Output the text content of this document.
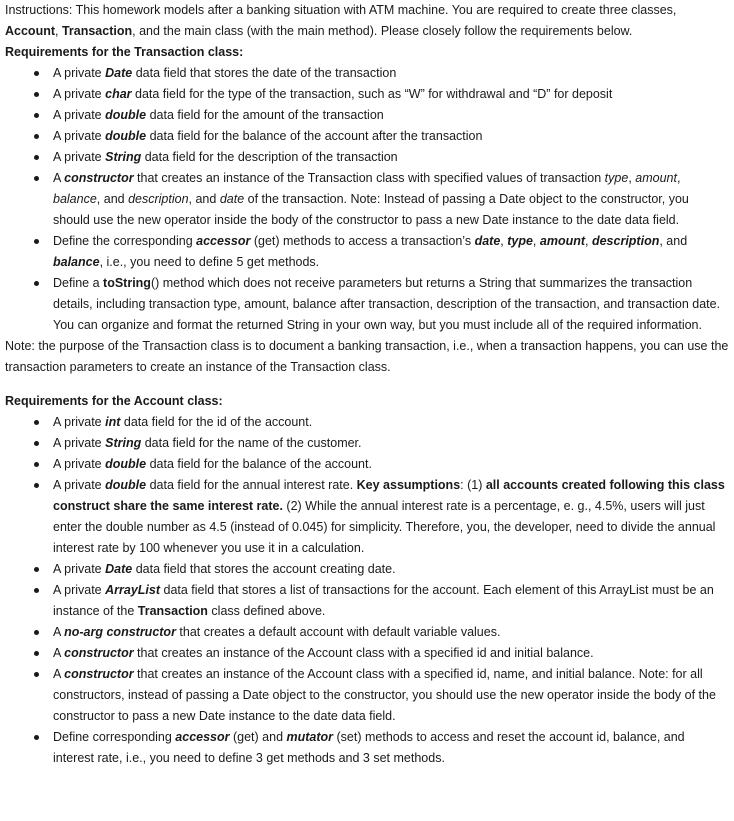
Instructions: This homework models after a banking situation with ATM machine. You are required to create three classes, Account, Transaction, and the main class (with the main method). Please closely follow the requirements below.

Requirements for the Transaction class:

A private Date data field that stores the date of the transaction
A private char data field for the type of the transaction, such as “W” for withdrawal and “D” for deposit
A private double data field for the amount of the transaction
A private double data field for the balance of the account after the transaction
A private String data field for the description of the transaction
A constructor that creates an instance of the Transaction class with specified values of transaction type, amount, balance, and description, and date of the transaction. Note: Instead of passing a Date object to the constructor, you should use the new operator inside the body of the constructor to pass a new Date instance to the date data field.
Define the corresponding accessor (get) methods to access a transaction’s date, type, amount, description, and balance, i.e., you need to define 5 get methods.
Define a toString() method which does not receive parameters but returns a String that summarizes the transaction details, including transaction type, amount, balance after transaction, description of the transaction, and transaction date. You can organize and format the returned String in your own way, but you must include all of the required information.

Note: the purpose of the Transaction class is to document a banking transaction, i.e., when a transaction happens, you can use the transaction parameters to create an instance of the Transaction class.

Requirements for the Account class:

A private int data field for the id of the account.
A private String data field for the name of the customer.
A private double data field for the balance of the account.
A private double data field for the annual interest rate. Key assumptions: (1) all accounts created following this class construct share the same interest rate. (2) While the annual interest rate is a percentage, e. g., 4.5%, users will just enter the double number as 4.5 (instead of 0.045) for simplicity. Therefore, you, the developer, need to divide the annual interest rate by 100 whenever you use it in a calculation.
A private Date data field that stores the account creating date.
A private ArrayList data field that stores a list of transactions for the account. Each element of this ArrayList must be an instance of the Transaction class defined above.
A no-arg constructor that creates a default account with default variable values.
A constructor that creates an instance of the Account class with a specified id and initial balance.
A constructor that creates an instance of the Account class with a specified id, name, and initial balance. Note: for all constructors, instead of passing a Date object to the constructor, you should use the new operator inside the body of the constructor to pass a new Date instance to the date data field.
Define corresponding accessor (get) and mutator (set) methods to access and reset the account id, balance, and interest rate, i.e., you need to define 3 get methods and 3 set methods.
